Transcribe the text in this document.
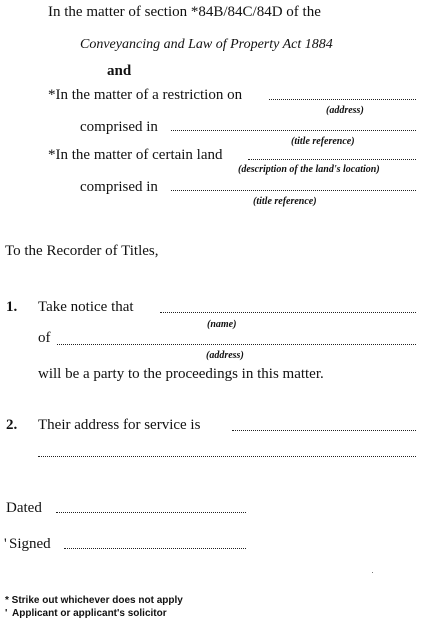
In the matter of section *84B/84C/84D of the
Conveyancing and Law of Property Act 1884
and
*In the matter of a restriction on
(address)
comprised in
(title reference)
*In the matter of certain land
(description of the land's location)
comprised in
(title reference)
To the Recorder of Titles,
1. Take notice that
(name)
of
(address)
will be a party to the proceedings in this matter.
2. Their address for service is
Dated
' Signed
* Strike out whichever does not apply
' Applicant or applicant's solicitor
